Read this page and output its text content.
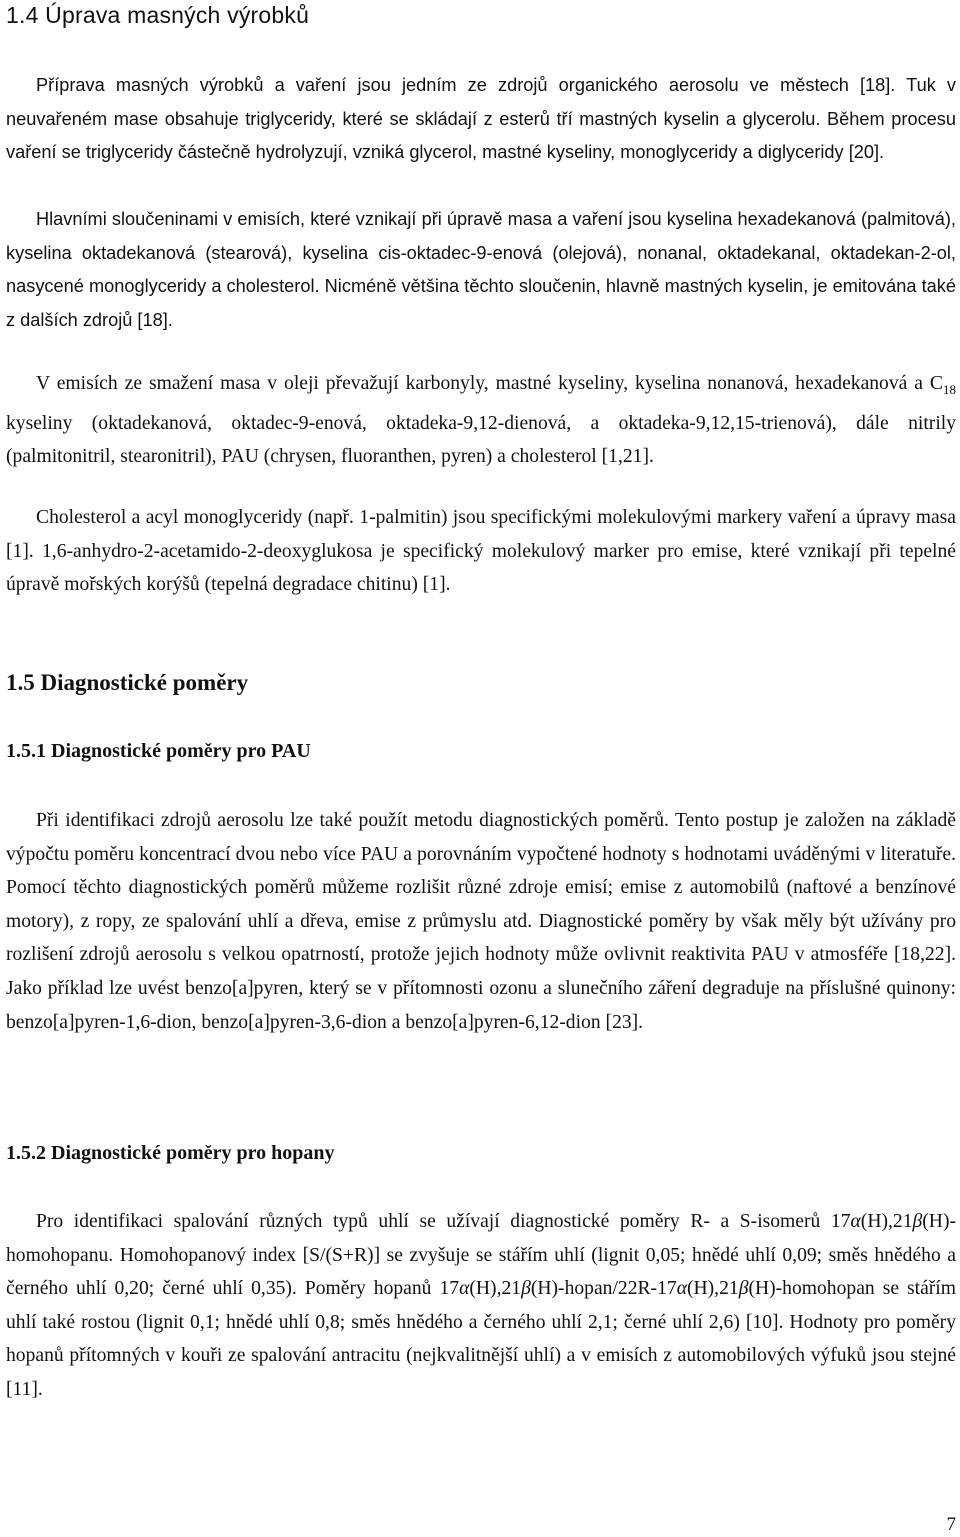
1.4 Úprava masných výrobků

Příprava masných výrobků a vaření jsou jedním ze zdrojů organického aerosolu ve městech [18]. Tuk v neuvařeném mase obsahuje triglyceridy, které se skládají z esterů tří mastných kyselin a glycerolu. Během procesu vaření se triglyceridy částečně hydrolyzují, vzniká glycerol, mastné kyseliny, monoglyceridy a diglyceridy [20].

Hlavními sloučeninami v emisích, které vznikají při úpravě masa a vaření jsou kyselina hexadekanová (palmitová), kyselina oktadekanová (stearová), kyselina cis-oktadec-9-enová (olejová), nonanal, oktadekanal, oktadekan-2-ol, nasycené monoglyceridy a cholesterol. Nicméně většina těchto sloučenin, hlavně mastných kyselin, je emitována také z dalších zdrojů [18].

V emisích ze smažení masa v oleji převažují karbonyly, mastné kyseliny, kyselina nonanová, hexadekanová a $C_{18}$ kyseliny (oktadekanová, oktadec-9-enová, oktadeka-9,12-dienová, a oktadeka-9,12,15-trienová), dále nitrily (palmitonitril, stearonitril), PAU (chrysen, fluoranthen, pyren) a cholesterol [1,21].

Cholesterol a acyl monoglyceridy (např. 1-palmitin) jsou specifickými molekulovými markery vaření a úpravy masa [1]. 1,6-anhydro-2-acetamido-2-deoxyglukosa je specifický molekulový marker pro emise, které vznikají při tepelné úpravě mořských korýšů (tepelná degradace chitinu) [1].

1.5 Diagnostické poměry
1.5.1 Diagnostické poměry pro PAU

Při identifikaci zdrojů aerosolu lze také použít metodu diagnostických poměrů. Tento postup je založen na základě výpočtu poměru koncentrací dvou nebo více PAU a porovnáním vypočtené hodnoty s hodnotami uváděnými v literatuře. Pomocí těchto diagnostických poměrů můžeme rozlišit různé zdroje emisí; emise z automobilů (naftové a benzínové motory), z ropy, ze spalování uhlí a dřeva, emise z průmyslu atd. Diagnostické poměry by však měly být užívány pro rozlišení zdrojů aerosolu s velkou opatrností, protože jejich hodnoty může ovlivnit reaktivita PAU v atmosféře [18,22]. Jako příklad lze uvést benzo[a]pyren, který se v přítomnosti ozonu a slunečního záření degraduje na příslušné quinony: benzo[a]pyren-1,6-dion, benzo[a]pyren-3,6-dion a benzo[a]pyren-6,12-dion [23].

1.5.2 Diagnostické poměry pro hopany

Pro identifikaci spalování různých typů uhlí se užívají diagnostické poměry R- a S-isomerů 17α(H),21β(H)-homohopanu. Homohopanový index [S/(S+R)] se zvyšuje se stářím uhlí (lignit 0,05; hnědé uhlí 0,09; směs hnědého a černého uhlí 0,20; černé uhlí 0,35). Poměry hopanů 17α(H),21β(H)-hopan/22R-17α(H),21β(H)-homohopan se stářím uhlí také rostou (lignit 0,1; hnědé uhlí 0,8; směs hnědého a černého uhlí 2,1; černé uhlí 2,6) [10]. Hodnoty pro poměry hopanů přítomných v kouři ze spalování antracitu (nejkvalitnější uhlí) a v emisích z automobilových výfuků jsou stejné [11].

7
